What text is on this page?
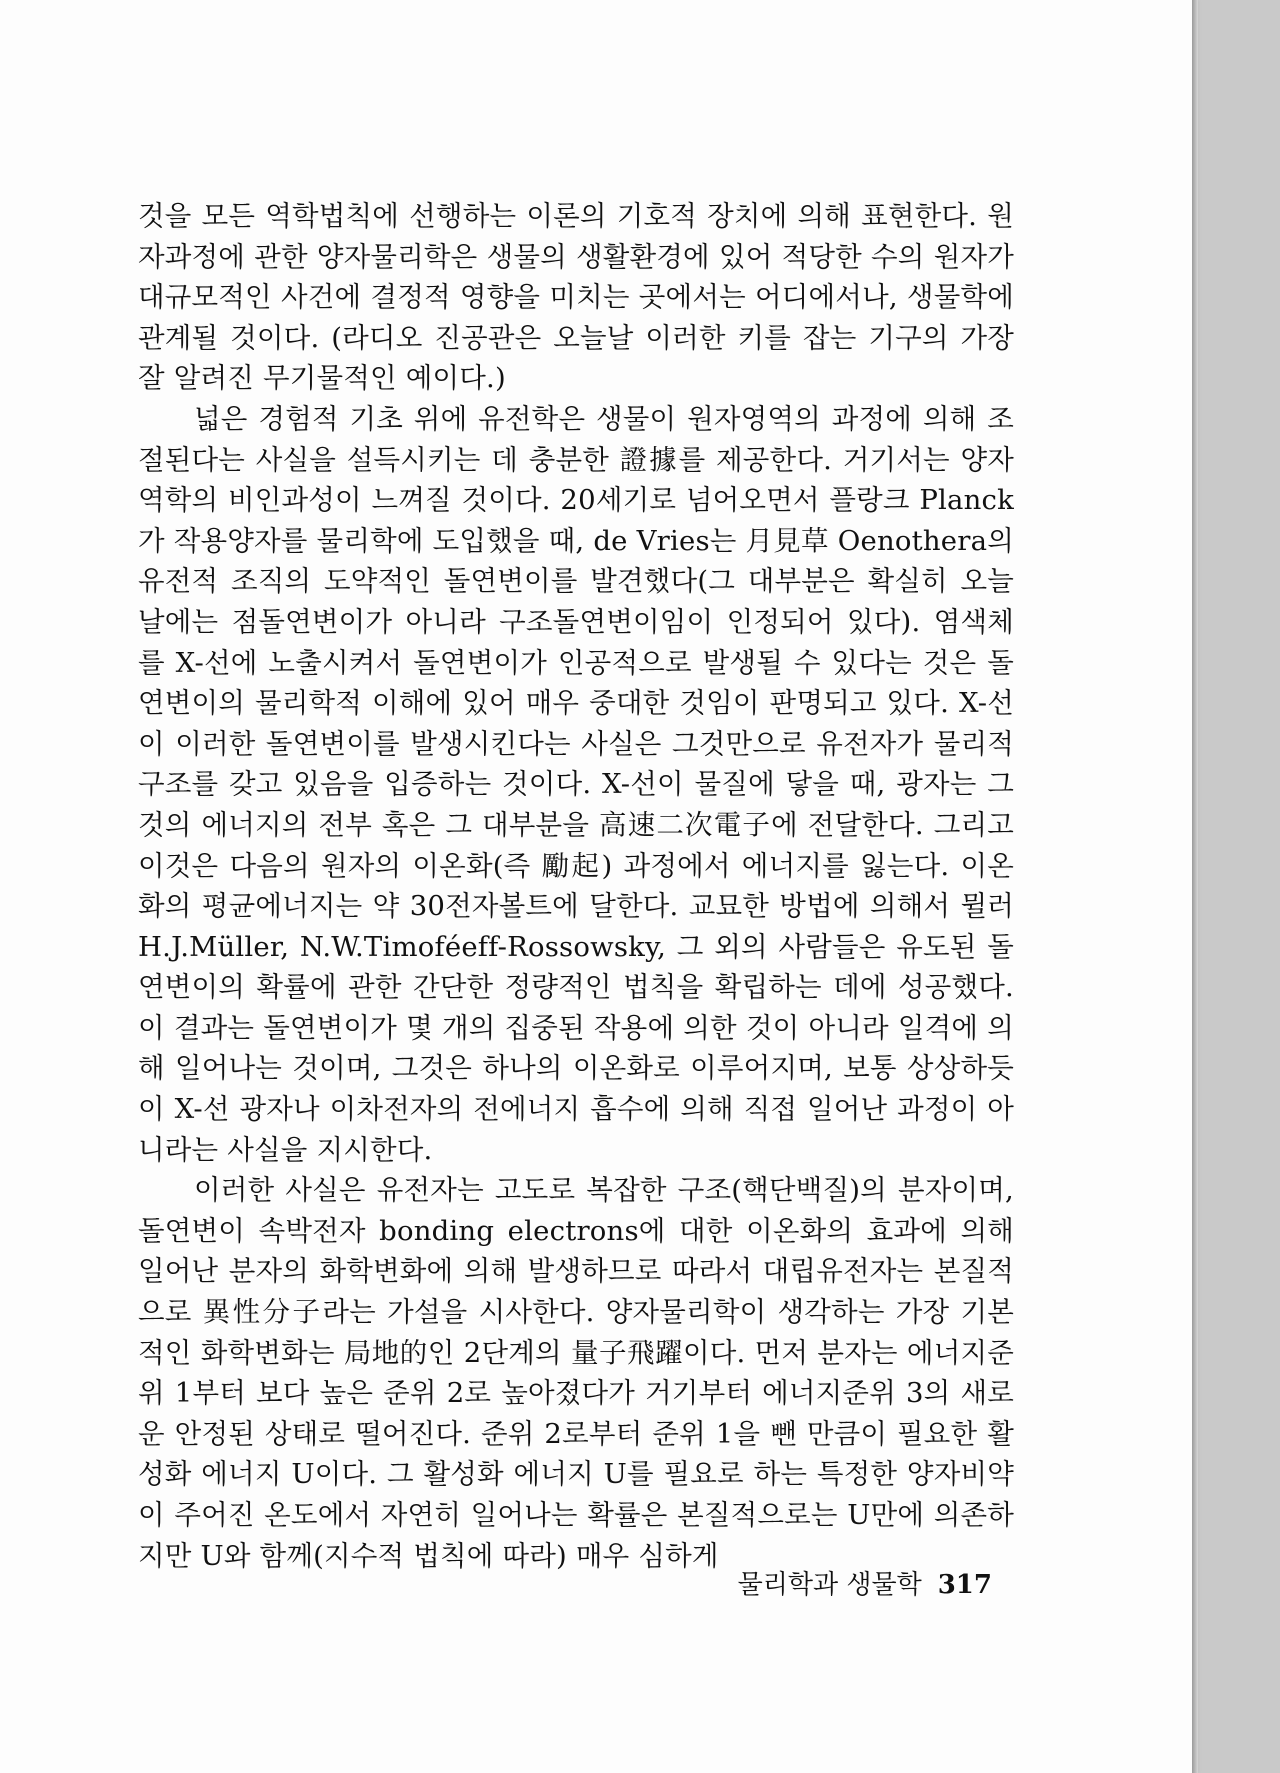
것을 모든 역학법칙에 선행하는 이론의 기호적 장치에 의해 표현한다. 원자과정에 관한 양자물리학은 생물의 생활환경에 있어 적당한 수의 원자가 대규모적인 사건에 결정적 영향을 미치는 곳에서는 어디에서나, 생물학에 관계될 것이다. (라디오 진공관은 오늘날 이러한 키를 잡는 기구의 가장 잘 알려진 무기물적인 예이다.)

넓은 경험적 기초 위에 유전학은 생물이 원자영역의 과정에 의해 조절된다는 사실을 설득시키는 데 충분한 證據를 제공한다. 거기서는 양자역학의 비인과성이 느껴질 것이다. 20세기로 넘어오면서 플랑크 Planck가 작용양자를 물리학에 도입했을 때, de Vries는 月見草 Oenothera의 유전적 조직의 도약적인 돌연변이를 발견했다(그 대부분은 확실히 오늘날에는 점돌연변이가 아니라 구조돌연변이임이 인정되어 있다). 염색체를 X-선에 노출시켜서 돌연변이가 인공적으로 발생될 수 있다는 것은 돌연변이의 물리학적 이해에 있어 매우 중대한 것임이 판명되고 있다. X-선이 이러한 돌연변이를 발생시킨다는 사실은 그것만으로 유전자가 물리적 구조를 갖고 있음을 입증하는 것이다. X-선이 물질에 닿을 때, 광자는 그것의 에너지의 전부 혹은 그 대부분을 高速二次電子에 전달한다. 그리고 이것은 다음의 원자의 이온화(즉 勵起) 과정에서 에너지를 잃는다. 이온화의 평균에너지는 약 30전자볼트에 달한다. 교묘한 방법에 의해서 뮐러 H.J.Müller, N.W.Timoféeff-Rossowsky, 그 외의 사람들은 유도된 돌연변이의 확률에 관한 간단한 정량적인 법칙을 확립하는 데에 성공했다. 이 결과는 돌연변이가 몇 개의 집중된 작용에 의한 것이 아니라 일격에 의해 일어나는 것이며, 그것은 하나의 이온화로 이루어지며, 보통 상상하듯이 X-선 광자나 이차전자의 전에너지 흡수에 의해 직접 일어난 과정이 아니라는 사실을 지시한다.

이러한 사실은 유전자는 고도로 복잡한 구조(핵단백질)의 분자이며, 돌연변이 속박전자 bonding electrons에 대한 이온화의 효과에 의해 일어난 분자의 화학변화에 의해 발생하므로 따라서 대립유전자는 본질적으로 異性分子라는 가설을 시사한다. 양자물리학이 생각하는 가장 기본적인 화학변화는 局地的인 2단계의 量子飛躍이다. 먼저 분자는 에너지준위 1부터 보다 높은 준위 2로 높아졌다가 거기부터 에너지준위 3의 새로운 안정된 상태로 떨어진다. 준위 2로부터 준위 1을 뺀 만큼이 필요한 활성화 에너지 U이다. 그 활성화 에너지 U를 필요로 하는 특정한 양자비약이 주어진 온도에서 자연히 일어나는 확률은 본질적으로는 U만에 의존하지만 U와 함께(지수적 법칙에 따라) 매우 심하게

물리학과 생물학 317
